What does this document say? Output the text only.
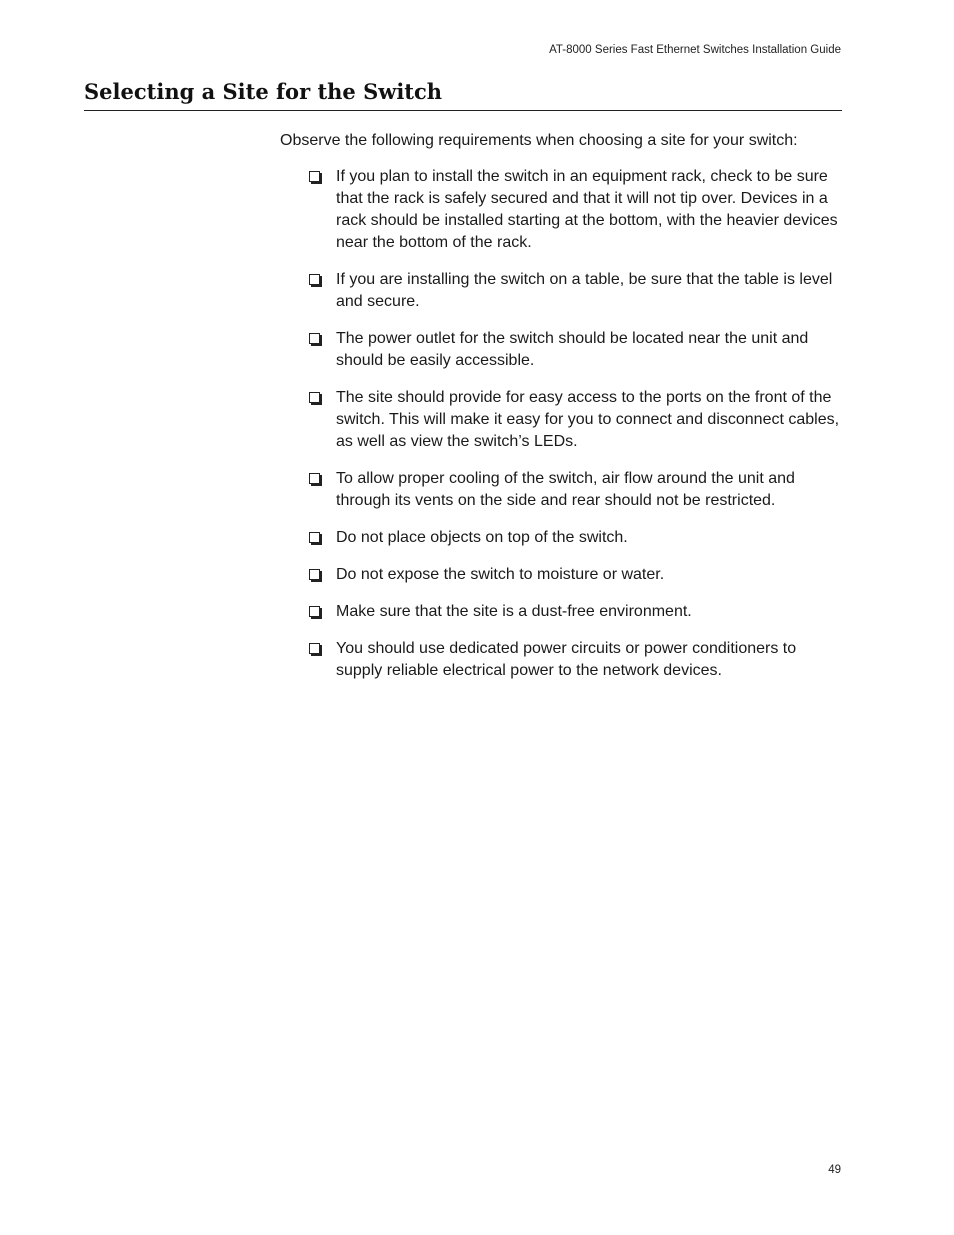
AT-8000 Series Fast Ethernet Switches Installation Guide
Selecting a Site for the Switch

Observe the following requirements when choosing a site for your switch:

If you plan to install the switch in an equipment rack, check to be sure that the rack is safely secured and that it will not tip over. Devices in a rack should be installed starting at the bottom, with the heavier devices near the bottom of the rack.
If you are installing the switch on a table, be sure that the table is level and secure.
The power outlet for the switch should be located near the unit and should be easily accessible.
The site should provide for easy access to the ports on the front of the switch. This will make it easy for you to connect and disconnect cables, as well as view the switch’s LEDs.
To allow proper cooling of the switch, air flow around the unit and through its vents on the side and rear should not be restricted.
Do not place objects on top of the switch.
Do not expose the switch to moisture or water.
Make sure that the site is a dust-free environment.
You should use dedicated power circuits or power conditioners to supply reliable electrical power to the network devices.
49
